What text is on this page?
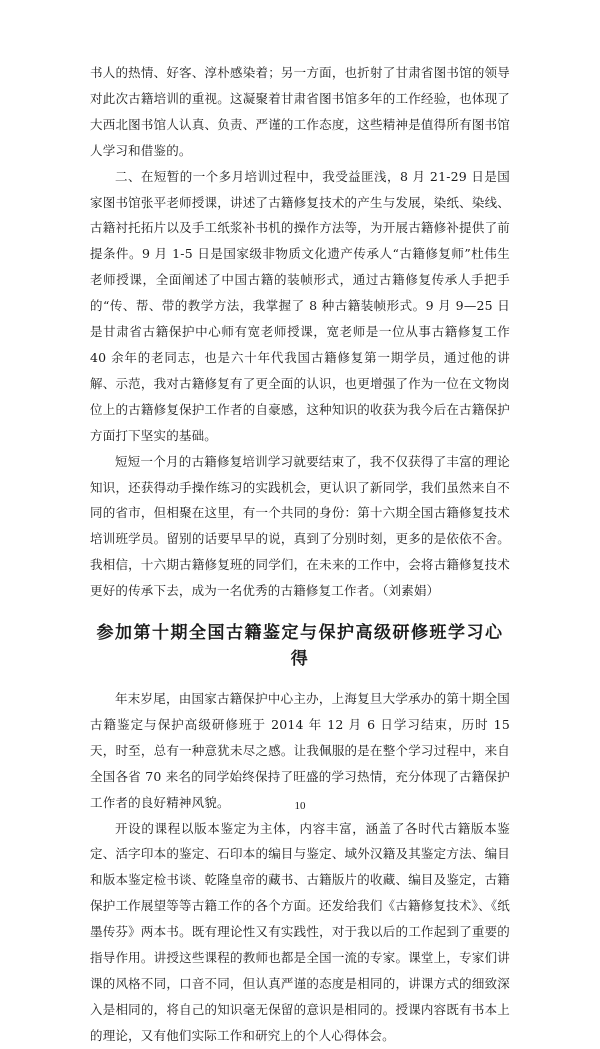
书人的热情、好客、淳朴感染着；另一方面，也折射了甘肃省图书馆的领导对此次古籍培训的重视。这凝聚着甘肃省图书馆多年的工作经验，也体现了大西北图书馆人认真、负责、严谨的工作态度，这些精神是值得所有图书馆人学习和借鉴的。

二、在短暂的一个多月培训过程中，我受益匪浅，8 月 21-29 日是国家图书馆张平老师授课，讲述了古籍修复技术的产生与发展，染纸、染线、古籍衬托拓片以及手工纸浆补书机的操作方法等，为开展古籍修补提供了前提条件。9 月 1-5 日是国家级非物质文化遗产传承人“古籍修复师”杜伟生老师授课，全面阐述了中国古籍的装帧形式，通过古籍修复传承人手把手的“传、帮、带的教学方法，我掌握了 8 种古籍装帧形式。9 月 9—25 日是甘肃省古籍保护中心师有宽老师授课，宽老师是一位从事古籍修复工作 40 余年的老同志，也是六十年代我国古籍修复第一期学员，通过他的讲解、示范，我对古籍修复有了更全面的认识，也更增强了作为一位在文物岗位上的古籍修复保护工作者的自豪感，这种知识的收获为我今后在古籍保护方面打下坚实的基础。

短短一个月的古籍修复培训学习就要结束了，我不仅获得了丰富的理论知识，还获得动手操作练习的实践机会，更认识了新同学，我们虽然来自不同的省市，但相聚在这里，有一个共同的身份：第十六期全国古籍修复技术培训班学员。留别的话要早早的说，真到了分别时刻，更多的是依依不舍。我相信，十六期古籍修复班的同学们，在未来的工作中，会将古籍修复技术更好的传承下去，成为一名优秀的古籍修复工作者。（刘素娟）

参加第十期全国古籍鉴定与保护高级研修班学习心得

年末岁尾，由国家古籍保护中心主办，上海复旦大学承办的第十期全国古籍鉴定与保护高级研修班于 2014 年 12 月 6 日学习结束，历时 15 天，时至，总有一种意犹未尽之感。让我佩服的是在整个学习过程中，来自全国各省 70 来名的同学始终保持了旺盛的学习热情，充分体现了古籍保护工作者的良好精神风貌。

开设的课程以版本鉴定为主体，内容丰富，涵盖了各时代古籍版本鉴定、活字印本的鉴定、石印本的编目与鉴定、域外汉籍及其鉴定方法、编目和版本鉴定检书谈、乾隆皇帝的藏书、古籍版片的收藏、编目及鉴定，古籍保护工作展望等等古籍工作的各个方面。还发给我们《古籍修复技术》、《纸墨传芬》两本书。既有理论性又有实践性，对于我以后的工作起到了重要的指导作用。讲授这些课程的教师也都是全国一流的专家。课堂上，专家们讲课的风格不同，口音不同，但认真严谨的态度是相同的，讲课方式的细致深入是相同的，将自己的知识毫无保留的意识是相同的。授课内容既有书本上的理论，又有他们实际工作和研究上的个人心得体会。

10
